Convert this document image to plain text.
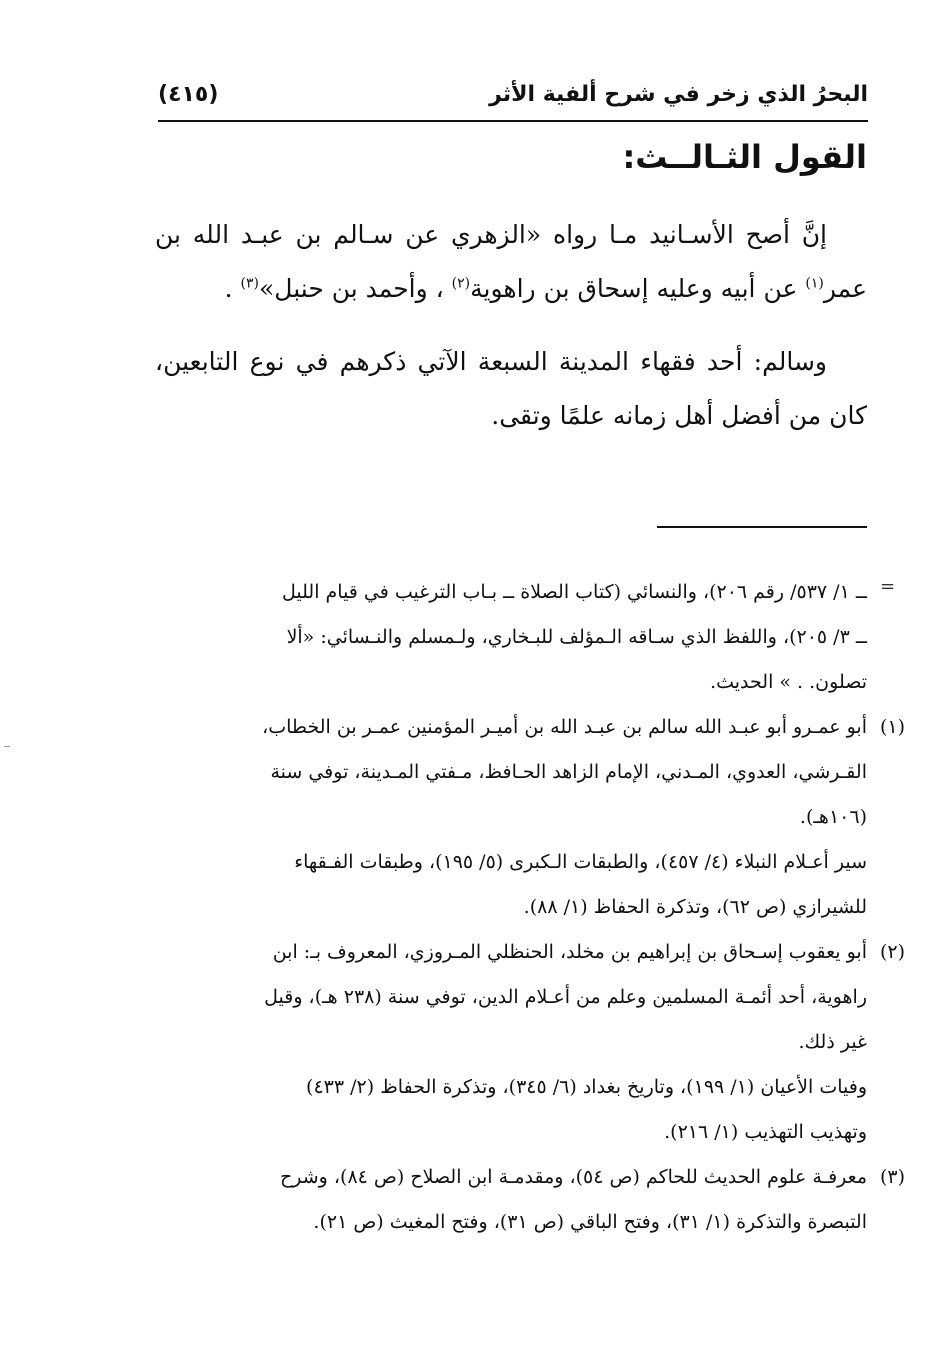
البحرُ الذي زخر في شرح ألفية الأثر
(٤١٥)
القول الثـالــث:

إنَّ أصح الأسـانيد مـا رواه «الزهري عن سـالم بن عبـد الله بن عمر$^{(١)}$ عن أبيه وعليه إسحاق بن راهوية$^{(٢)}$ ، وأحمد بن حنبل»$^{(٣)}$ .

وسالم: أحد فقهاء المدينة السبعة الآتي ذكرهم في نوع التابعين، كان من أفضل أهل زمانه علمًا وتقى.

=
ــ ١/ ٥٣٧/ رقم ٢٠٦)، والنسائي (كتاب الصلاة ــ بـاب الترغيب في قيام الليل
ــ ٣/ ٢٠٥)، واللفظ الذي سـاقه الـمؤلف للبـخاري، ولـمسلم والنـسائي: «ألا
تصلون. . » الحديث.
(١)
أبو عمـرو أبو عبـد الله سالم بن عبـد الله بن أميـر المؤمنين عمـر بن الخطاب،
القـرشي، العدوي، المـدني، الإمام الزاهد الحـافظ، مـفتي المـدينة، توفي سنة
(١٠٦هـ).
سير أعـلام النبلاء (٤/ ٤٥٧)، والطبقات الـكبرى (٥/ ١٩٥)، وطبقات الفـقهاء
للشيرازي (ص ٦٢)، وتذكرة الحفاظ (١/ ٨٨).
(٢)
أبو يعقوب إسـحاق بن إبراهيم بن مخلد، الحنظلي المـروزي، المعروف بـ: ابن
راهوية، أحد أئمـة المسلمين وعلم من أعـلام الدين، توفي سنة (٢٣٨ هـ)، وقيل
غير ذلك.
وفيات الأعيان (١/ ١٩٩)، وتاريخ بغداد (٦/ ٣٤٥)، وتذكرة الحفاظ (٢/ ٤٣٣)
وتهذيب التهذيب (١/ ٢١٦).
(٣)
معرفـة علوم الحديث للحاكم (ص ٥٤)، ومقدمـة ابن الصلاح (ص ٨٤)، وشرح
التبصرة والتذكرة (١/ ٣١)، وفتح الباقي (ص ٣١)، وفتح المغيث (ص ٢١).
